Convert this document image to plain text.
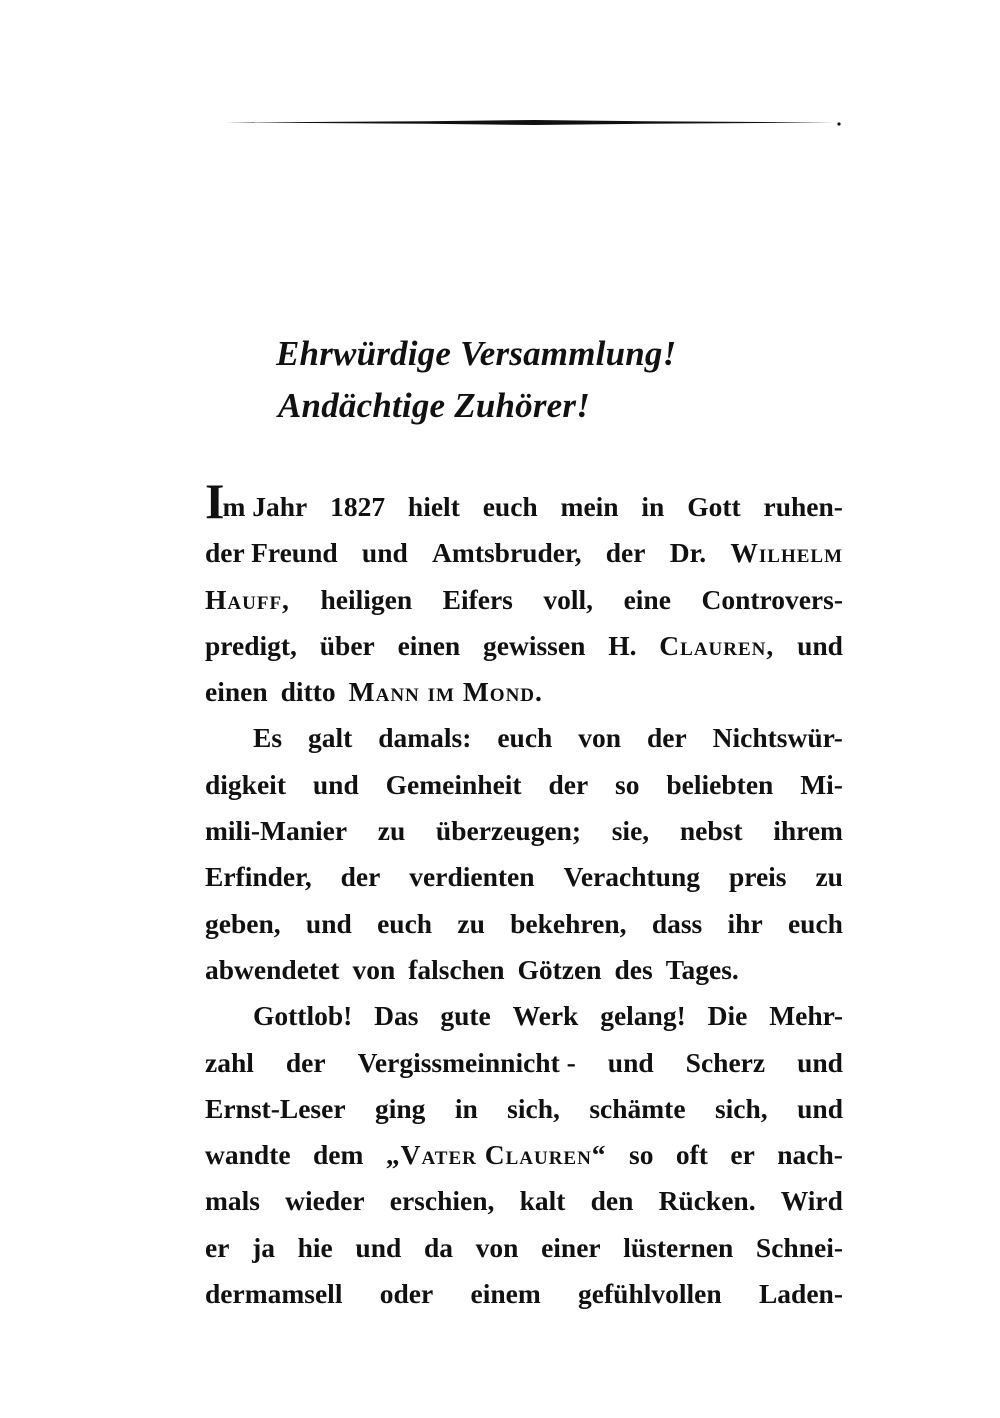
Ehrwürdige Versammlung!
Andächtige Zuhörer!
Im Jahr 1827 hielt euch mein in Gott ruhen-
der Freund und Amtsbruder, der Dr. Wilhelm
Hauff, heiligen Eifers voll, eine Controvers-
predigt, über einen gewissen H. Clauren, und
einen ditto Mann im Mond.
Es galt damals: euch von der Nichtswür-
digkeit und Gemeinheit der so beliebten Mi-
mili-Manier zu überzeugen; sie, nebst ihrem
Erfinder, der verdienten Verachtung preis zu
geben, und euch zu bekehren, dass ihr euch
abwendetet von falschen Götzen des Tages.
Gottlob! Das gute Werk gelang! Die Mehr-
zahl der Vergissmeinnicht - und Scherz und
Ernst-Leser ging in sich, schämte sich, und
wandte dem „Vater Clauren“ so oft er nach-
mals wieder erschien, kalt den Rücken. Wird
er ja hie und da von einer lüsternen Schnei-
dermamsell oder einem gefühlvollen Laden-
